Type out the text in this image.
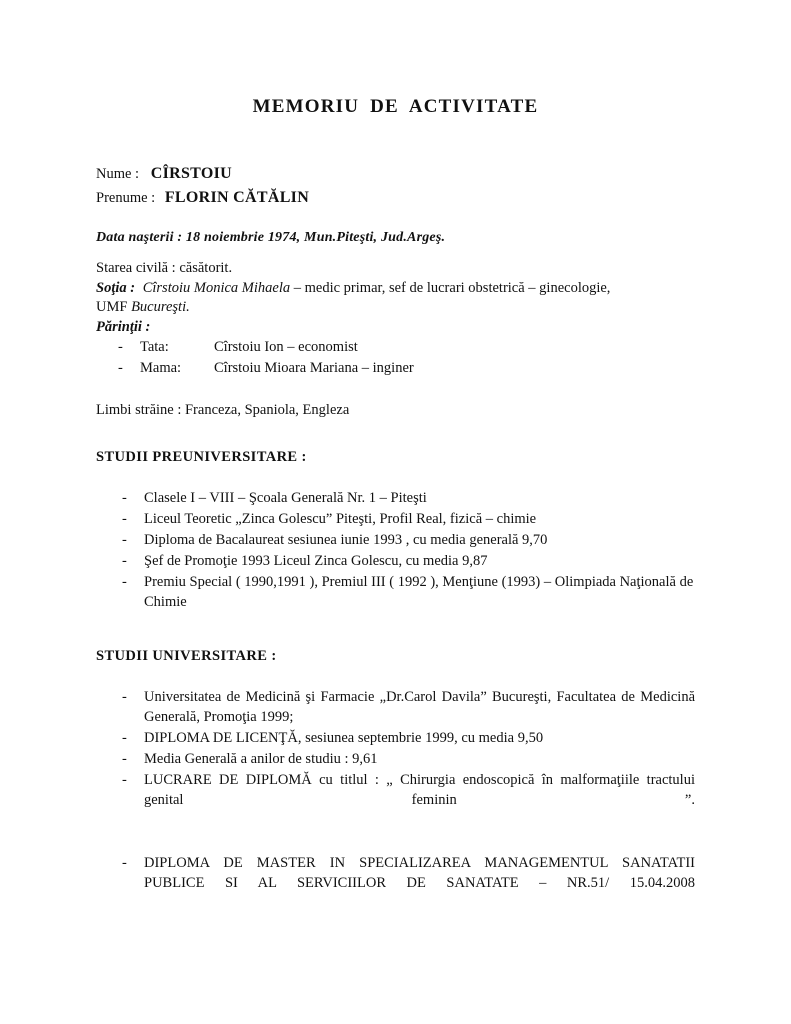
MEMORIU DE ACTIVITATE
Nume : CÎRSTOIU
Prenume : FLORIN CĂTĂLIN
Data naşterii : 18 noiembrie 1974, Mun.Piteşti, Jud.Argeş.
Starea civilă : căsătorit.
Soţia : Cîrstoiu Monica Mihaela – medic primar, sef de lucrari obstetrică – ginecologie,
UMF Bucureşti.
Părinţii :
- Tata:	Cîrstoiu Ion – economist
- Mama: Cîrstoiu Mioara Mariana – inginer
Limbi străine : Franceza, Spaniola, Engleza
STUDII PREUNIVERSITARE :
- Clasele I – VIII – Şcoala Generală Nr. 1 – Piteşti
- Liceul Teoretic „Zinca Golescu” Piteşti, Profil Real, fizică – chimie
- Diploma de Bacalaureat sesiunea iunie 1993 , cu media generală 9,70
- Şef de Promoţie 1993 Liceul Zinca Golescu, cu media 9,87
- Premiu Special ( 1990,1991 ), Premiul III ( 1992 ), Menţiune (1993) – Olimpiada Naţională de Chimie
STUDII UNIVERSITARE :
- Universitatea de Medicină şi Farmacie „Dr.Carol Davila” Bucureşti, Facultatea de Medicină Generală, Promoţia 1999;
- DIPLOMA DE LICENŢĂ, sesiunea septembrie 1999, cu media 9,50
- Media Generală a anilor de studiu : 9,61
- LUCRARE DE DIPLOMĂ cu titlul : „ Chirurgia endoscopică în malformaţiile tractului genital feminin ”.
- DIPLOMA DE MASTER IN SPECIALIZAREA MANAGEMENTUL SANATATII PUBLICE SI AL SERVICIILOR DE SANATATE – NR.51/ 15.04.2008
